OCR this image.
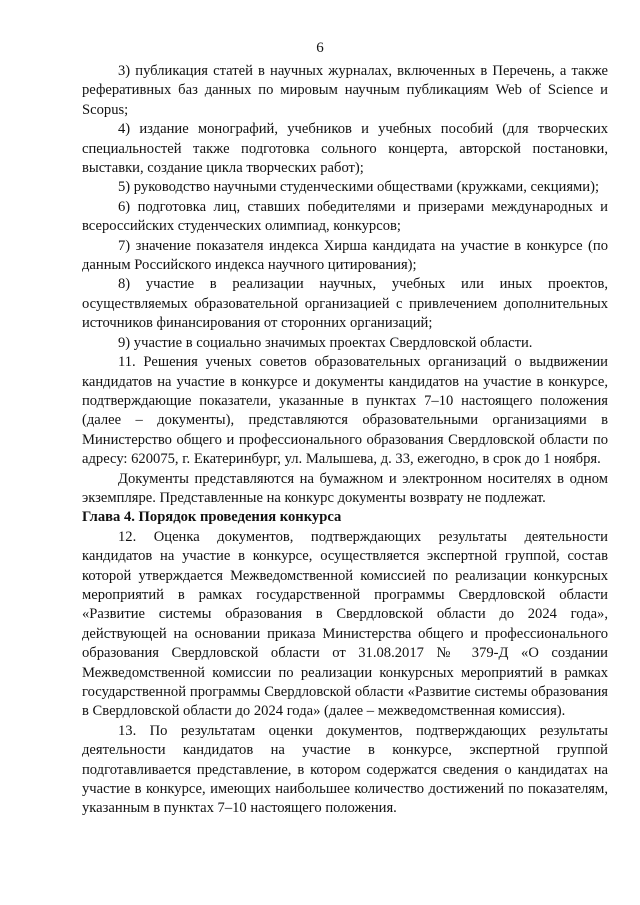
6

3) публикация статей в научных журналах, включенных в Перечень, а также реферативных баз данных по мировым научным публикациям Web of Science и Scopus;

4) издание монографий, учебников и учебных пособий (для творческих специальностей также подготовка сольного концерта, авторской постановки, выставки, создание цикла творческих работ);

5) руководство научными студенческими обществами (кружками, секциями);

6) подготовка лиц, ставших победителями и призерами международных и всероссийских студенческих олимпиад, конкурсов;

7) значение показателя индекса Хирша кандидата на участие в конкурсе (по данным Российского индекса научного цитирования);

8) участие в реализации научных, учебных или иных проектов, осуществляемых образовательной организацией с привлечением дополнительных источников финансирования от сторонних организаций;

9) участие в социально значимых проектах Свердловской области.

11. Решения ученых советов образовательных организаций о выдвижении кандидатов на участие в конкурсе и документы кандидатов на участие в конкурсе, подтверждающие показатели, указанные в пунктах 7–10 настоящего положения (далее – документы), представляются образовательными организациями в Министерство общего и профессионального образования Свердловской области по адресу: 620075, г. Екатеринбург, ул. Малышева, д. 33, ежегодно, в срок до 1 ноября.

Документы представляются на бумажном и электронном носителях в одном экземпляре. Представленные на конкурс документы возврату не подлежат.

Глава 4. Порядок проведения конкурса

12. Оценка документов, подтверждающих результаты деятельности кандидатов на участие в конкурсе, осуществляется экспертной группой, состав которой утверждается Межведомственной комиссией по реализации конкурсных мероприятий в рамках государственной программы Свердловской области «Развитие системы образования в Свердловской области до 2024 года», действующей на основании приказа Министерства общего и профессионального образования Свердловской области от 31.08.2017 № 379-Д «О создании Межведомственной комиссии по реализации конкурсных мероприятий в рамках государственной программы Свердловской области «Развитие системы образования в Свердловской области до 2024 года» (далее – межведомственная комиссия).

13. По результатам оценки документов, подтверждающих результаты деятельности кандидатов на участие в конкурсе, экспертной группой подготавливается представление, в котором содержатся сведения о кандидатах на участие в конкурсе, имеющих наибольшее количество достижений по показателям, указанным в пунктах 7–10 настоящего положения.
